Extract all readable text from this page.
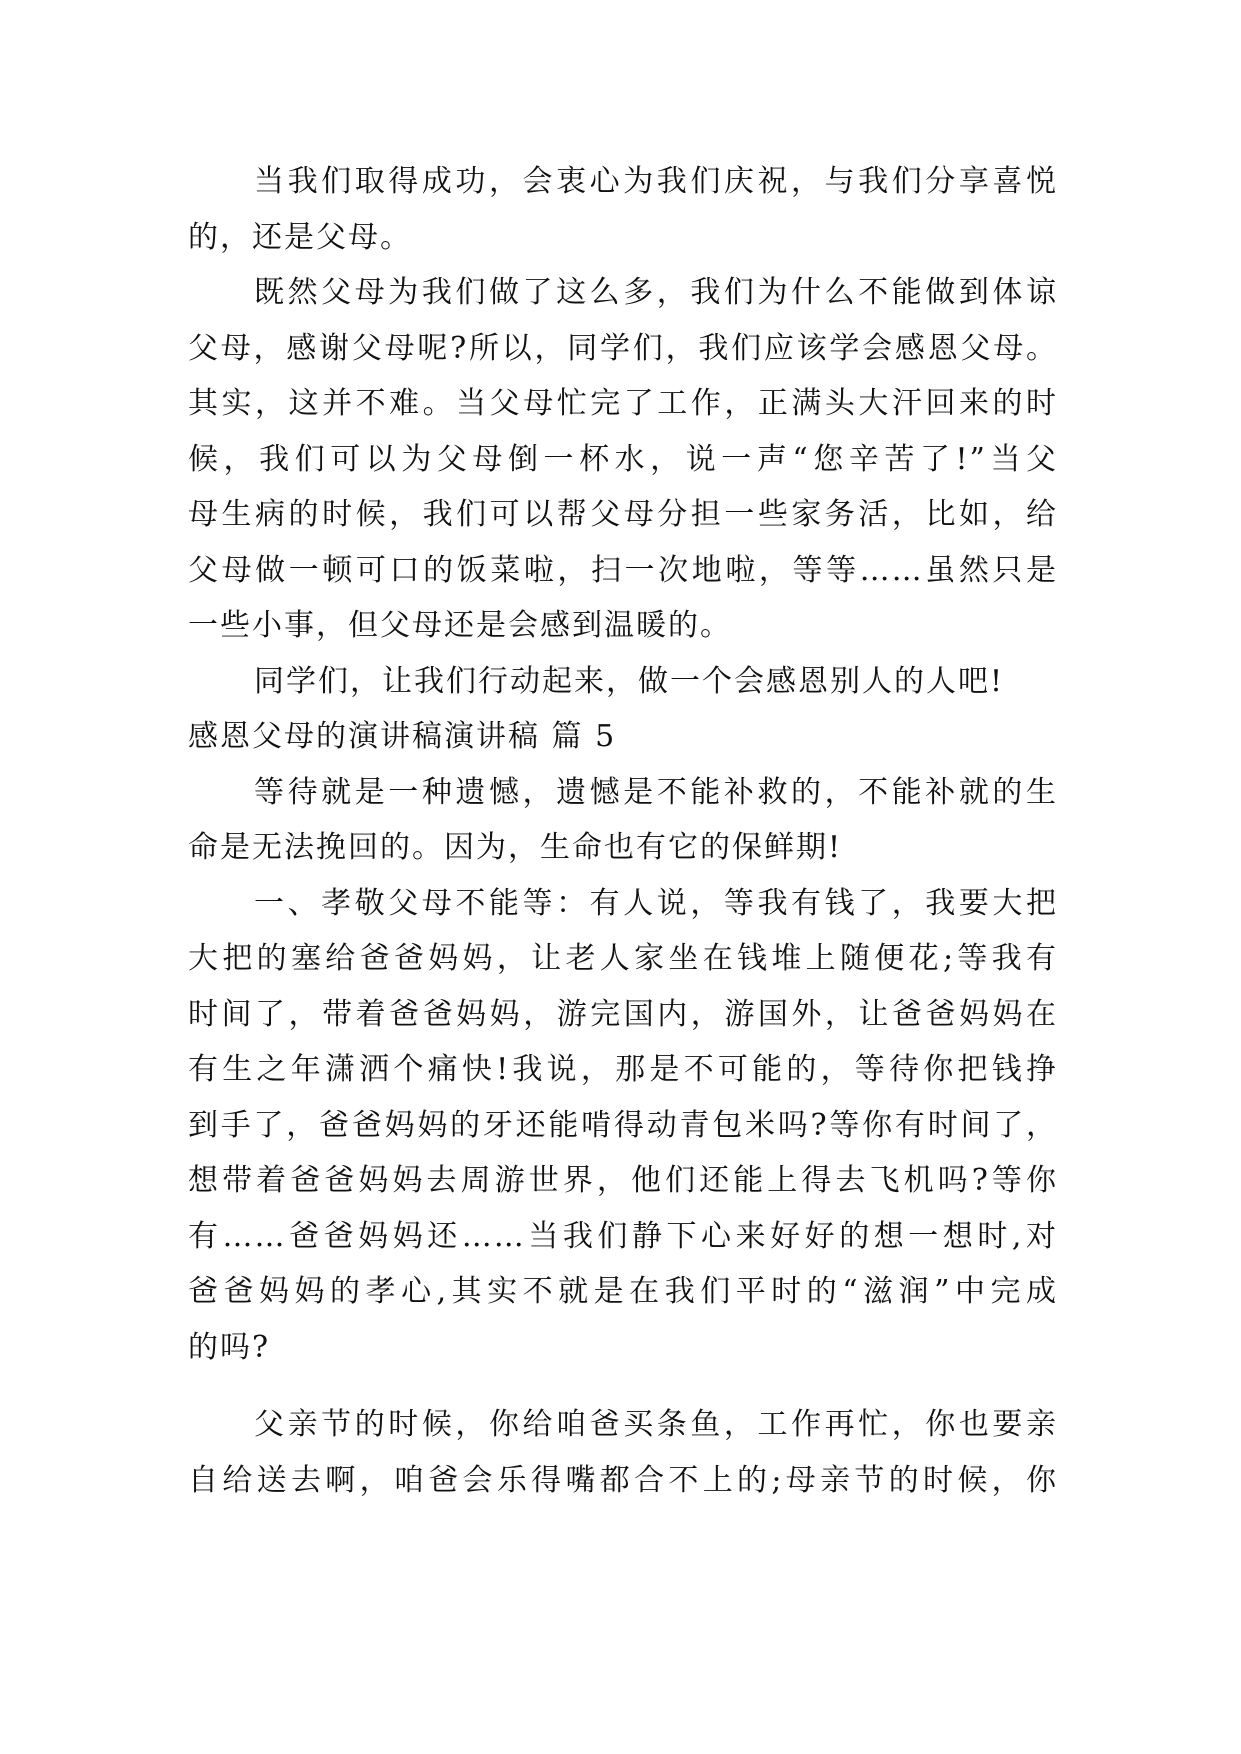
当我们取得成功，会衷心为我们庆祝，与我们分享喜悦
的，还是父母。
既然父母为我们做了这么多，我们为什么不能做到体谅
父母，感谢父母呢?所以，同学们，我们应该学会感恩父母。
其实，这并不难。当父母忙完了工作，正满头大汗回来的时
候，我们可以为父母倒一杯水，说一声“您辛苦了!”当父
母生病的时候，我们可以帮父母分担一些家务活，比如，给
父母做一顿可口的饭菜啦，扫一次地啦，等等……虽然只是
一些小事，但父母还是会感到温暖的。
同学们，让我们行动起来，做一个会感恩别人的人吧!
感恩父母的演讲稿演讲稿 篇 5
等待就是一种遗憾，遗憾是不能补救的，不能补就的生
命是无法挽回的。因为，生命也有它的保鲜期!
一、孝敬父母不能等：有人说，等我有钱了，我要大把
大把的塞给爸爸妈妈，让老人家坐在钱堆上随便花;等我有
时间了，带着爸爸妈妈，游完国内，游国外，让爸爸妈妈在
有生之年潇洒个痛快!我说，那是不可能的，等待你把钱挣
到手了，爸爸妈妈的牙还能啃得动青包米吗?等你有时间了，
想带着爸爸妈妈去周游世界，他们还能上得去飞机吗?等你
有……爸爸妈妈还……当我们静下心来好好的想一想时,对
爸爸妈妈的孝心,其实不就是在我们平时的“滋润”中完成
的吗?
父亲节的时候，你给咱爸买条鱼，工作再忙，你也要亲
自给送去啊，咱爸会乐得嘴都合不上的;母亲节的时候，你
